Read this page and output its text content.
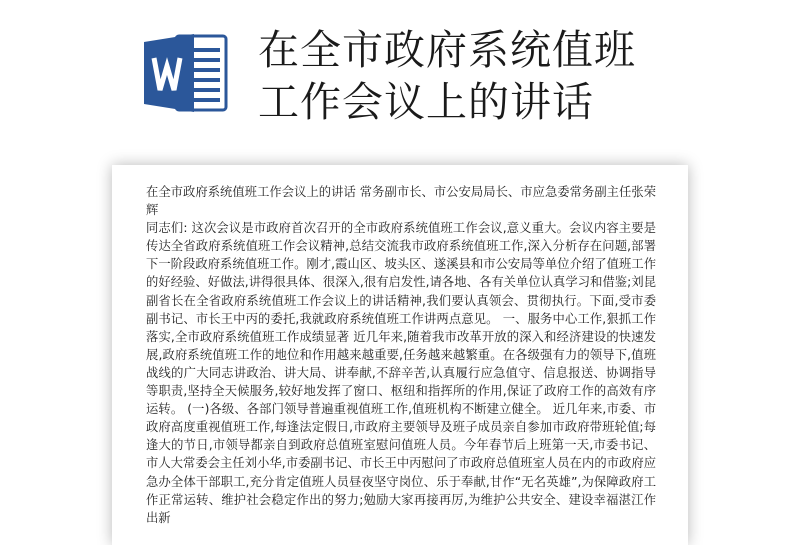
在全市政府系统值班
工作会议上的讲话

在全市政府系统值班工作会议上的讲话 常务副市长、市公安局局长、市应急委常务副主任张荣辉

同志们: 这次会议是市政府首次召开的全市政府系统值班工作会议,意义重大。会议内容主要是传达全省政府系统值班工作会议精神,总结交流我市政府系统值班工作,深入分析存在问题,部署下一阶段政府系统值班工作。刚才,霞山区、坡头区、遂溪县和市公安局等单位介绍了值班工作的好经验、好做法,讲得很具体、很深入,很有启发性,请各地、各有关单位认真学习和借鉴;刘昆副省长在全省政府系统值班工作会议上的讲话精神,我们要认真领会、贯彻执行。下面,受市委副书记、市长王中丙的委托,我就政府系统值班工作讲两点意见。 一、服务中心工作,狠抓工作落实,全市政府系统值班工作成绩显著 近几年来,随着我市改革开放的深入和经济建设的快速发展,政府系统值班工作的地位和作用越来越重要,任务越来越繁重。在各级强有力的领导下,值班战线的广大同志讲政治、讲大局、讲奉献,不辞辛苦,认真履行应急值守、信息报送、协调指导等职责,坚持全天候服务,较好地发挥了窗口、枢纽和指挥所的作用,保证了政府工作的高效有序运转。 (一)各级、各部门领导普遍重视值班工作,值班机构不断建立健全。 近几年来,市委、市政府高度重视值班工作,每逢法定假日,市政府主要领导及班子成员亲自参加市政府带班轮值;每逢大的节日,市领导都亲自到政府总值班室慰问值班人员。今年春节后上班第一天,市委书记、市人大常委会主任刘小华,市委副书记、市长王中丙慰问了市政府总值班室人员在内的市政府应急办全体干部职工,充分肯定值班人员昼夜坚守岗位、乐于奉献,甘作“无名英雄”,为保障政府工作正常运转、维护社会稳定作出的努力;勉励大家再接再厉,为维护公共安全、建设幸福湛江作出新
